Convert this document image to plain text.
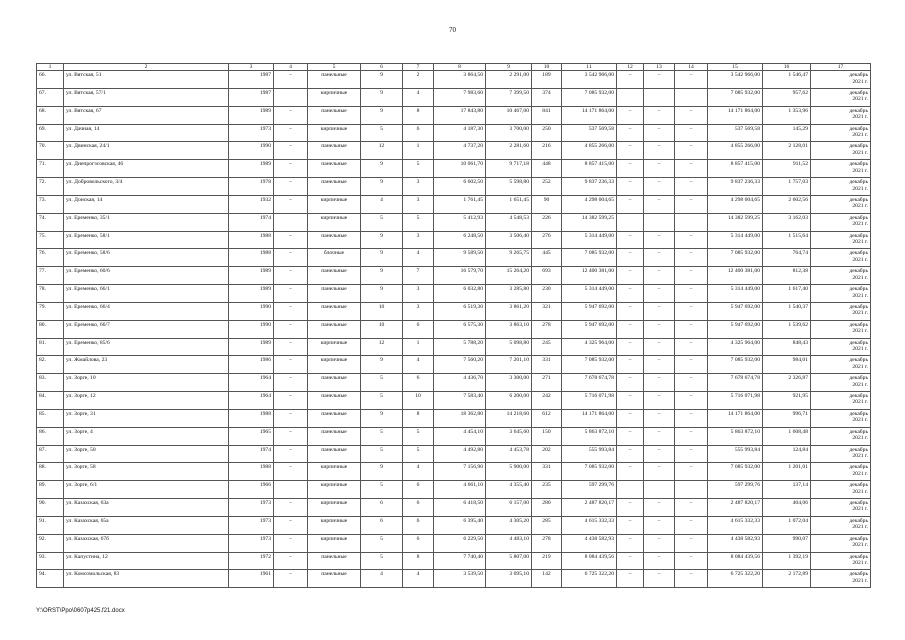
70
1	2	3	4	5	6	7	8	9	10	11	12	13	14	15	16	17
66.	ул. Вятская, 51	1987	–	панельные	9	2	3 864,50	2 291,00	189	3 542 966,00	–	–	–	3 542 966,00	1 546,47	декабрь
2021 г.

67.	ул. Вятская, 57/1	1987		кирпичные	9	4	7 983,60	7 399,50	374	7 085 932,00				7 085 932,00	957,62	декабрь
2021 г.

68.	ул. Вятская, 67	1989	–	панельные	9	8	17 843,80	10 467,00	841	14 171 864,00	–	–	–	14 171 864,00	1 353,96	декабрь
2021 г.

69.	ул. Дачная, 14	1973	–	кирпичные	5	6	4 187,30	3 700,00	250	537 569,58	–	–	–	537 569,58	145,29	декабрь
2021 г.

70.	ул. Двинская, 24/1	1990	–	панельные	12	1	4 737,20	2 281,60	216	4 855 266,00	–	–	–	4 855 266,00	2 128,01	декабрь
2021 г.

71.	ул. Днепрогэсовская, 46	1989	–	панельные	9	5	10 061,70	9 717,18	448	8 857 415,00	–	–	–	8 857 415,00	911,52	декабрь
2021 г.

72.	ул. Добровольского, 3/4	1978	–	панельные	9	3	6 602,50	5 598,80	252	9 837 236,33	–	–	–	9 837 236,33	1 757,03	декабрь
2021 г.

73.	ул. Донская, 14	1932	–	кирпичные	4	3	1 761,45	1 651,45	90	4 298 004,65	–	–	–	4 298 004,65	2 602,56	декабрь
2021 г.

74.	ул. Еременко, 35/1	1974		кирпичные	5	5	5 412,93	4 548,53	226	14 382 599,25				14 382 599,25	3 162,03	декабрь
2021 г.

75.	ул. Еременко, 58/1	1988	–	панельные	9	3	6 248,50	3 506,40	276	5 314 449,00	–	–	–	5 314 449,00	1 515,64	декабрь
2021 г.

76.	ул. Еременко, 58/6	1988	–	блочные	9	4	9 589,50	9 265,75	445	7 085 932,00	–	–	–	7 085 932,00	764,74	декабрь
2021 г.

77.	ул. Еременко, 60/6	1989	–	панельные	9	7	16 579,70	15 264,20	693	12 400 381,00	–	–	–	12 400 381,00	812,38	декабрь
2021 г.

78.	ул. Еременко, 66/1	1989	–	панельные	9	3	6 032,80	3 285,80	230	5 314 449,00	–	–	–	5 314 449,00	1 617,40	декабрь
2021 г.

79.	ул. Еременко, 66/4	1990	–	панельные	10	3	6 519,30	3 861,20	321	5 947 692,00	–	–	–	5 947 692,00	1 540,37	декабрь
2021 г.

80.	ул. Еременко, 66/7	1990	–	панельные	10	6	6 575,30	3 863,10	278	5 947 692,00	–	–	–	5 947 692,00	1 539,62	декабрь
2021 г.

81.	ул. Еременко, 85/6	1989	–	кирпичные	12	1	5 788,20	5 098,80	245	4 325 964,00	–	–	–	4 325 964,00	848,43	декабрь
2021 г.

82.	ул. Жмайлова, 23	1986	–	кирпичные	9	4	7 560,20	7 201,10	331	7 085 932,00	–	–	–	7 085 932,00	984,01	декабрь
2021 г.

83.	ул. Зорге, 10	1964	–	панельные	5	6	4 436,70	3 300,00	271	7 678 674,78	–	–	–	7 678 674,78	2 326,87	декабрь
2021 г.

84.	ул. Зорге, 12	1964	–	панельные	5	10	7 583,40	6 200,00	242	5 716 071,98	–	–	–	5 716 071,98	921,95	декабрь
2021 г.

85.	ул. Зорге, 31	1988	–	панельные	9	8	18 362,80	14 218,60	612	14 171 864,00	–	–	–	14 171 864,00	996,71	декабрь
2021 г.

86.	ул. Зорге, 4	1965	–	панельные	5	5	4 454,10	3 645,60	150	5 863 872,10	–	–	–	5 863 872,10	1 608,48	декабрь
2021 г.

87.	ул. Зорге, 50	1974	–	панельные	5	5	4 492,80	4 453,78	202	555 993,84	–	–	–	555 993,84	124,84	декабрь
2021 г.

88.	ул. Зорге, 58	1988	–	кирпичные	9	4	7 156,90	5 900,00	331	7 085 932,00	–	–	–	7 085 932,00	1 201,01	декабрь
2021 г.

89.	ул. Зорге, 6/1	1966		кирпичные	5	6	4 661,10	4 355,40	235	597 299,76				597 299,76	137,14	декабрь
2021 г.

90.	ул. Казахская, 63а	1973	–	кирпичные	6	6	6 418,50	6 157,00	280	2 487 820,17	–	–	–	2 487 820,17	404,06	декабрь
2021 г.

91.	ул. Казахская, 65а	1973	–	кирпичные	6	6	6 395,40	4 305,20	285	4 615 332,33	–	–	–	4 615 332,33	1 072,04	декабрь
2021 г.

92.	ул. Казахская, 67б	1973	–	кирпичные	5	6	6 229,50	4 483,10	278	4 438 582,93	–	–	–	4 438 582,93	990,07	декабрь
2021 г.

93.	ул. Капустина, 12	1972	–	панельные	5	8	7 740,40	5 807,00	219	8 084 439,56	–	–	–	8 084 439,56	1 392,19	декабрь
2021 г.

94.	ул. Комсомольская, 83	1961	–	панельные	4	4	3 539,50	3 095,10	142	6 725 322,20	–	–	–	6 725 322,20	2 172,89	декабрь
2021 г.
Y:\ORST\Ppo\0607p425.f21.docx
